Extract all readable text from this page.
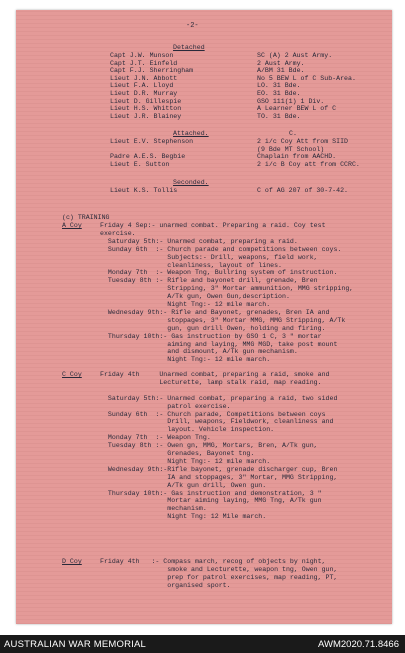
-2-
Detached
Capt J.W. Munson	SC (A) 2 Aust Army.
Capt J.T. Einfeld	2 Aust Army.
Capt F.J. Sherringham	A/BM 31 Bde.
Lieut J.N. Abbott	No 5 BEW L of C Sub-Area.
Lieut F.A. Lloyd	LO. 31 Bde.
Lieut D.R. Murray	EO. 31 Bde.
Lieut D. Gillespie	GSO 111(1) 1 Div.
Lieut H.S. Whitton	A Learner BEW L of C
Lieut J.R. Blainey	TO. 31 Bde.
Attached.	C.
Lieut E.V. Stephenson	2 i/c Coy Att from SIID
(9 Bde MT School)
Padre A.E.S. Begbie	Chaplain from AACHD.
Lieut E. Sutton	2 i/c B Coy att from CCRC.
Seconded.
Lieut K.S. Tollis	C of AG 207 of 30-7-42.
(c) TRAINING
A Coy	Friday 4 Sep:- unarmed combat. Preparing a raid. Coy test
exercise.
Saturday 5th:- Unarmed combat, preparing a raid.
Sunday 6th  :- Church parade and competitions between coys.
Subjects:- Drill, weapons, field work,
cleanliness, layout of lines.
Monday 7th  :- Weapon Tng, Bullring system of instruction.
Tuesday 8th :- Rifle and bayonet drill, grenade, Bren
Stripping, 3" Mortar ammunition, MMG stripping,
A/Tk gun, Owen Gun,description.
Night Tng:- 12 mile march.
Wednesday 9th:- Rifle and Bayonet, grenades, Bren IA and
stoppages, 3" Mortar MMG, MMG Stripping, A/Tk
gun, gun drill Owen, holding and firing.
Thursday 10th:- Gas instruction by GSO 1 C, 3 " mortar
aiming and laying, MMG MGD, take post mount
and dismount, A/Tk gun mechanism.
Night Tng:- 12 mile march.
C Coy	Friday 4th     Unarmed combat, preparing a raid, smoke and
Lecturette, lamp stalk raid, map reading.
Saturday 5th:- Unarmed combat, preparing a raid, two sided
patrol exercise.
Sunday 6th  :- Church parade, Competitions between coys
Drill, weapons, Fieldwork, cleanliness and
layout. Vehicle inspection.
Monday 7th  :- Weapon Tng.
Tuesday 8th :- Owen gn, MMG, Mortars, Bren, A/Tk gun,
Grenades, Bayonet tng.
Night Tng:- 12 mile march.
Wednesday 9th:-Rifle bayonet, grenade discharger cup, Bren
IA and stoppages, 3" Mortar, MMG Stripping,
A/Tk gun drill, Owen gun.
Thursday 10th:- Gas instruction and demonstration, 3 "
Mortar aiming laying, MMG Tng, A/Tk gun
mechanism.
Night Tng: 12 Mile march.
D Coy	Friday 4th   :- Compass march, recog of objects by night,
smoke and Lecturette, weapon tng, Owen gun,
prep for patrol exercises, map reading, PT,
organised sport.
AUSTRALIAN WAR MEMORIAL	AWM2020.71.8466
